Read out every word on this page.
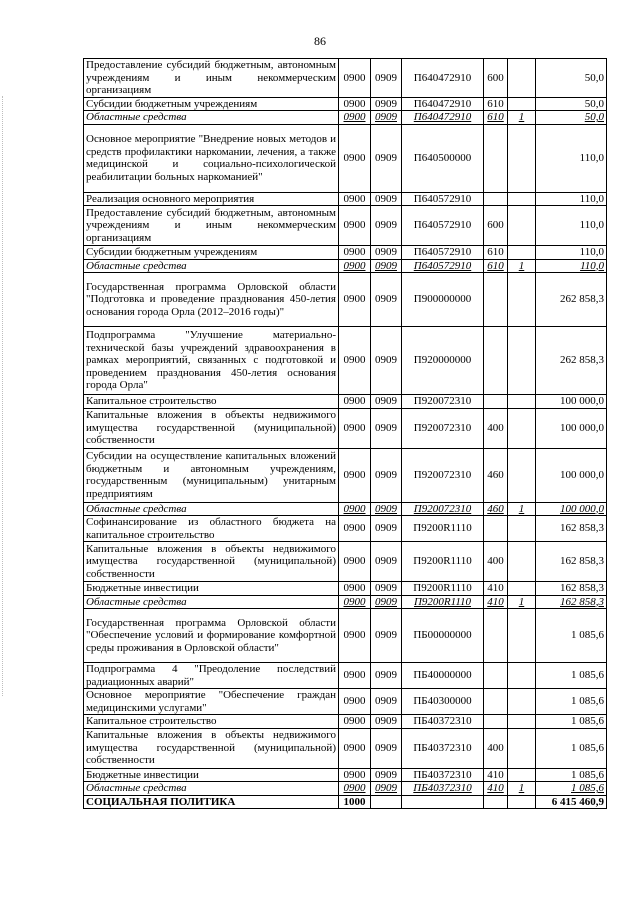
86
Предоставление субсидий бюджетным, автономным учреждениям и иным некоммерческим организациям	0900	0909	П640472910	600		50,0
Субсидии бюджетным учреждениям	0900	0909	П640472910	610		50,0
Областные средства	0900	0909	П640472910	610	1	50,0
Основное мероприятие "Внедрение новых методов и средств профилактики наркомании, лечения, а также медицинской и социально-психологической реабилитации больных наркоманией"	0900	0909	П640500000			110,0
Реализация основного мероприятия	0900	0909	П640572910			110,0
Предоставление субсидий бюджетным, автономным учреждениям и иным некоммерческим организациям	0900	0909	П640572910	600		110,0
Субсидии бюджетным учреждениям	0900	0909	П640572910	610		110,0
Областные средства	0900	0909	П640572910	610	1	110,0
Государственная программа Орловской области "Подготовка и проведение празднования 450-летия основания города Орла (2012–2016 годы)"	0900	0909	П900000000			262 858,3
Подпрограмма "Улучшение материально-технической базы учреждений здравоохранения в рамках мероприятий, связанных с подготовкой и проведением празднования 450-летия основания города Орла"	0900	0909	П920000000			262 858,3
Капитальное строительство	0900	0909	П920072310			100 000,0
Капитальные вложения в объекты недвижимого имущества государственной (муниципальной) собственности	0900	0909	П920072310	400		100 000,0
Субсидии на осуществление капитальных вложений бюджетным и автономным учреждениям, государственным (муниципальным) унитарным предприятиям	0900	0909	П920072310	460		100 000,0
Областные средства	0900	0909	П920072310	460	1	100 000,0
Софинансирование из областного бюджета на капитальное строительство	0900	0909	П9200R1110			162 858,3
Капитальные вложения в объекты недвижимого имущества государственной (муниципальной) собственности	0900	0909	П9200R1110	400		162 858,3
Бюджетные инвестиции	0900	0909	П9200R1110	410		162 858,3
Областные средства	0900	0909	П9200R1110	410	1	162 858,3
Государственная программа Орловской области "Обеспечение условий и формирование комфортной среды проживания в Орловской области"	0900	0909	ПБ00000000			1 085,6
Подпрограмма 4 "Преодоление последствий радиационных аварий"	0900	0909	ПБ40000000			1 085,6
Основное мероприятие "Обеспечение граждан медицинскими услугами"	0900	0909	ПБ40300000			1 085,6
Капитальное строительство	0900	0909	ПБ40372310			1 085,6
Капитальные вложения в объекты недвижимого имущества государственной (муниципальной) собственности	0900	0909	ПБ40372310	400		1 085,6
Бюджетные инвестиции	0900	0909	ПБ40372310	410		1 085,6
Областные средства	0900	0909	ПБ40372310	410	1	1 085,6
СОЦИАЛЬНАЯ ПОЛИТИКА	1000					6 415 460,9
